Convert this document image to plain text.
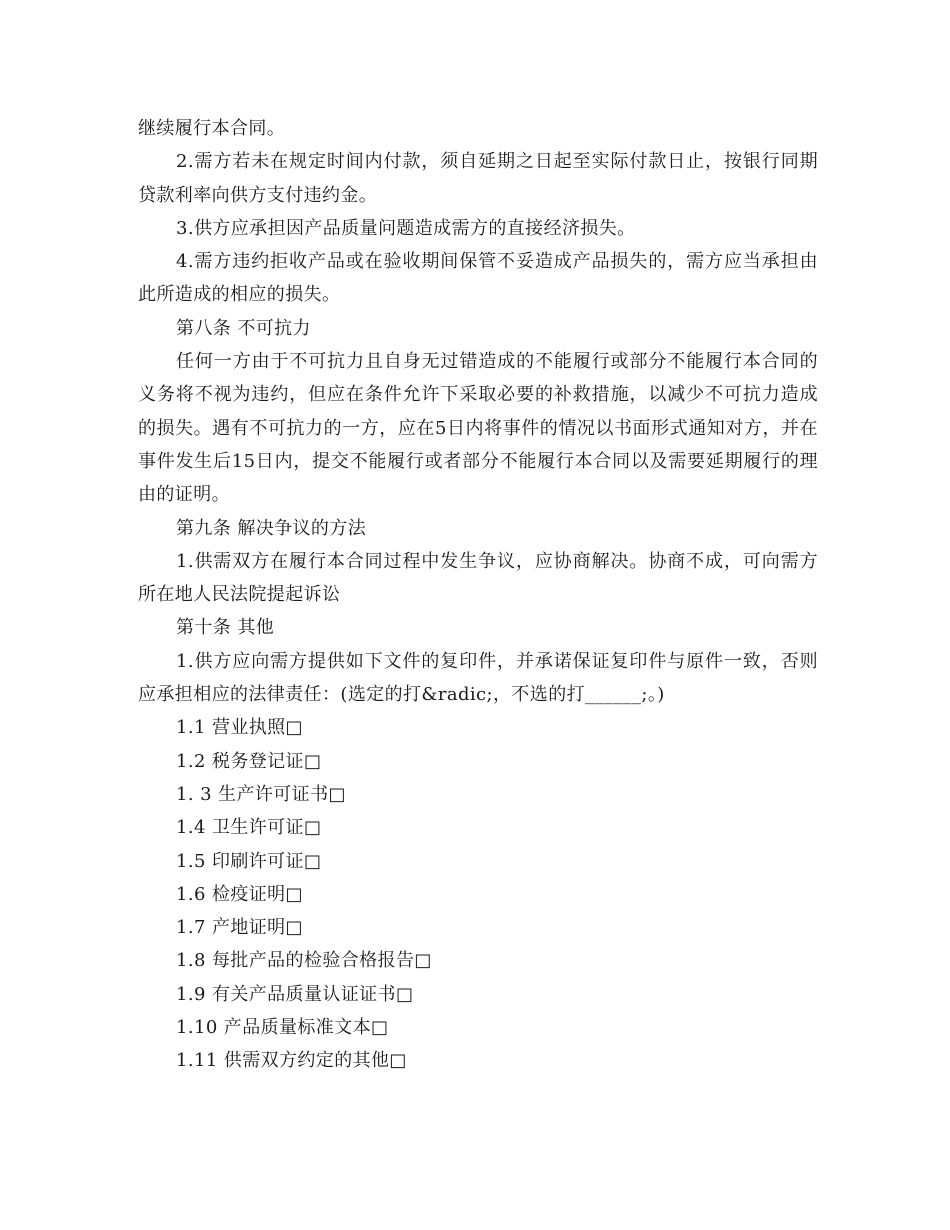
继续履行本合同。

2.需方若未在规定时间内付款，须自延期之日起至实际付款日止，按银行同期贷款利率向供方支付违约金。

3.供方应承担因产品质量问题造成需方的直接经济损失。

4.需方违约拒收产品或在验收期间保管不妥造成产品损失的，需方应当承担由此所造成的相应的损失。

第八条 不可抗力

任何一方由于不可抗力且自身无过错造成的不能履行或部分不能履行本合同的义务将不视为违约，但应在条件允许下采取必要的补救措施，以减少不可抗力造成的损失。遇有不可抗力的一方，应在5日内将事件的情况以书面形式通知对方，并在事件发生后15日内，提交不能履行或者部分不能履行本合同以及需要延期履行的理由的证明。

第九条 解决争议的方法

1.供需双方在履行本合同过程中发生争议，应协商解决。协商不成，可向需方所在地人民法院提起诉讼

第十条 其他

1.供方应向需方提供如下文件的复印件，并承诺保证复印件与原件一致，否则应承担相应的法律责任：(选定的打&radic;，不选的打______;。)

1.1 营业执照□

1.2 税务登记证□

1. 3 生产许可证书□

1.4 卫生许可证□

1.5 印刷许可证□

1.6 检疫证明□

1.7 产地证明□

1.8 每批产品的检验合格报告□

1.9 有关产品质量认证证书□

1.10 产品质量标准文本□

1.11 供需双方约定的其他□
